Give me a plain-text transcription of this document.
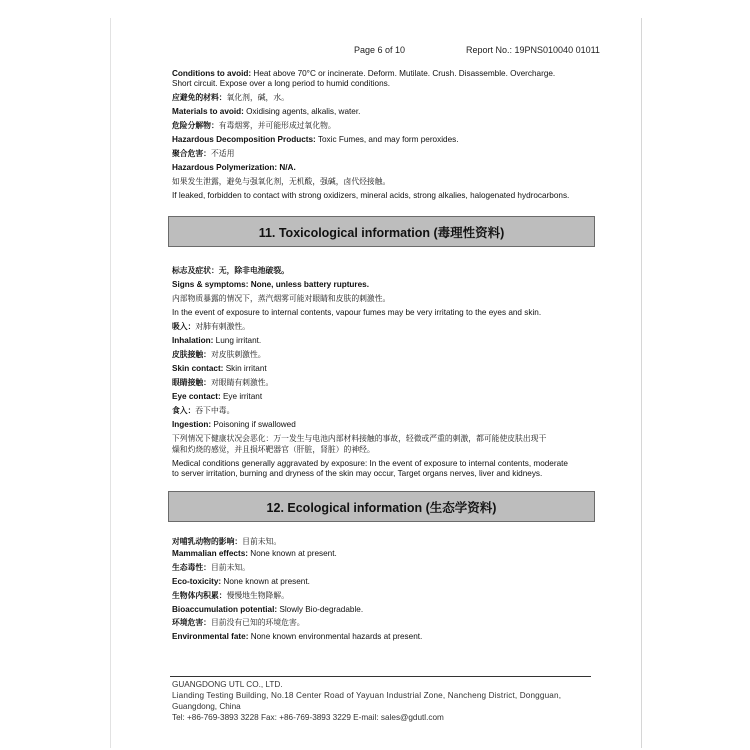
Page 6 of 10	Report No.: 19PNS010040 01011
Conditions to avoid: Heat above 70°C or incinerate. Deform. Mutilate. Crush. Disassemble. Overcharge.
Short circuit. Expose over a long period to humid conditions.
应避免的材料：氧化剂，碱，水。
Materials to avoid: Oxidising agents, alkalis, water.
危险分解物：有毒烟雾，并可能形成过氧化物。
Hazardous Decomposition Products: Toxic Fumes, and may form peroxides.
聚合危害：不适用
Hazardous Polymerization: N/A.
如果发生泄露，避免与强氧化剂，无机酸，强碱，卤代烃接触。
If leaked, forbidden to contact with strong oxidizers, mineral acids, strong alkalies, halogenated hydrocarbons.
11. Toxicological information (毒理性资料)
标志及症状：无，除非电池破裂。
Signs & symptoms: None, unless battery ruptures.
内部物质暴露的情况下，蒸汽烟雾可能对眼睛和皮肤的刺激性。
In the event of exposure to internal contents, vapour fumes may be very irritating to the eyes and skin.
吸入：对肺有刺激性。
Inhalation: Lung irritant.
皮肤接触：对皮肤刺激性。
Skin contact: Skin irritant
眼睛接触：对眼睛有刺激性。
Eye contact: Eye irritant
食入：吞下中毒。
Ingestion: Poisoning if swallowed
下列情况下健康状况会恶化：万一发生与电池内部材料接触的事故，轻微或严重的刺激，都可能使皮肤出现干
燥和灼烧的感觉，并且损坏靶器官（肝脏，肾脏）的神经。
Medical conditions generally aggravated by exposure: In the event of exposure to internal contents, moderate
to server irritation, burning and dryness of the skin may occur, Target organs nerves, liver and kidneys.
12. Ecological information (生态学资料)
对哺乳动物的影响：目前未知。
Mammalian effects: None known at present.
生态毒性：目前未知。
Eco-toxicity: None known at present.
生物体内积累：慢慢地生物降解。
Bioaccumulation potential: Slowly Bio-degradable.
环境危害：目前没有已知的环境危害。
Environmental fate: None known environmental hazards at present.
GUANGDONG UTL CO., LTD.
Lianding Testing Building, No.18 Center Road of Yayuan Industrial Zone, Nancheng District, Dongguan,
Guangdong, China
Tel: +86-769-3893 3228 Fax: +86-769-3893 3229 E-mail: sales@gdutl.com
